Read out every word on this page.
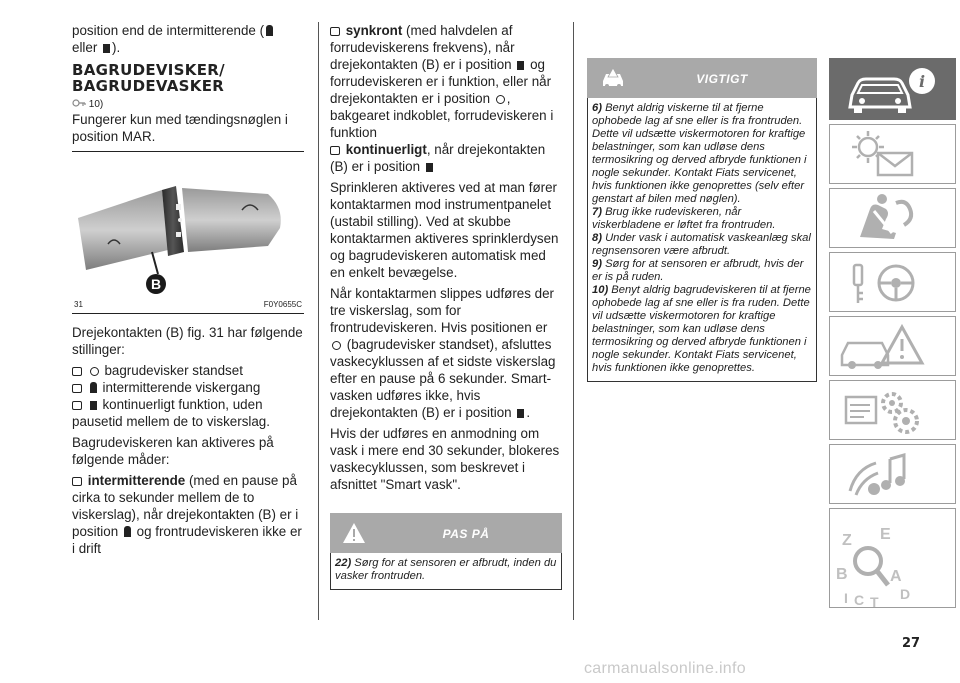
position end de intermitterende ( eller ).

BAGRUDEVISKER/ BAGRUDEVASKER
10)

Fungerer kun med tændingsnøglen i position MAR.

B
31	F0Y0655C

Drejekontakten (B) fig. 31 har følgende stillinger:

bagrudevisker standset
intermitterende viskergang
kontinuerligt funktion, uden pausetid mellem de to viskerslag.

Bagrudeviskeren kan aktiveres på følgende måder:

intermitterende (med en pause på cirka to sekunder mellem de to viskerslag), når drejekontakten (B) er i position og frontrudeviskeren ikke er i drift
synkront (med halvdelen af forrudeviskerens frekvens), når drejekontakten (B) er i position og forrudeviskeren er i funktion, eller når drejekontakten er i position , bakgearet indkoblet, forrudeviskeren i funktion
kontinuerligt, når drejekontakten (B) er i position

Sprinkleren aktiveres ved at man fører kontaktarmen mod instrumentpanelet (ustabil stilling). Ved at skubbe kontaktarmen aktiveres sprinklerdysen og bagrudeviskeren automatisk med en enkelt bevægelse.

Når kontaktarmen slippes udføres der tre viskerslag, som for frontrudeviskeren. Hvis positionen er  (bagrudevisker standset), afsluttes vaskecyklussen af et sidste viskerslag efter en pause på 6 sekunder. Smart-vasken udføres ikke, hvis drejekontakten (B) er i position .

Hvis der udføres en anmodning om vask i mere end 30 sekunder, blokeres vaskecyklussen, som beskrevet i afsnittet "Smart vask".

PAS PÅ
22) Sørg for at sensoren er afbrudt, inden du vasker frontruden.
VIGTIGT
6) Benyt aldrig viskerne til at fjerne ophobede lag af sne eller is fra frontruden. Dette vil udsætte viskermotoren for kraftige belastninger, som kan udløse dens termosikring og derved afbryde funktionen i nogle sekunder. Kontakt Fiats servicenet, hvis funktionen ikke genoprettes (selv efter genstart af bilen med nøglen).
7) Brug ikke rudeviskeren, når viskerbladene er løftet fra frontruden.
8) Under vask i automatisk vaskeanlæg skal regnsensoren være afbrudt.
9) Sørg for at sensoren er afbrudt, hvis der er is på ruden.
10) Benyt aldrig bagrudeviskeren til at fjerne ophobede lag af sne eller is fra ruden. Dette vil udsætte viskermotoren for kraftige belastninger, som kan udløse dens termosikring og derved afbryde funktionen i nogle sekunder. Kontakt Fiats servicenet, hvis funktionen ikke genoprettes.
i
Z E
B	A
I C T D
27
carmanualsonline.info
